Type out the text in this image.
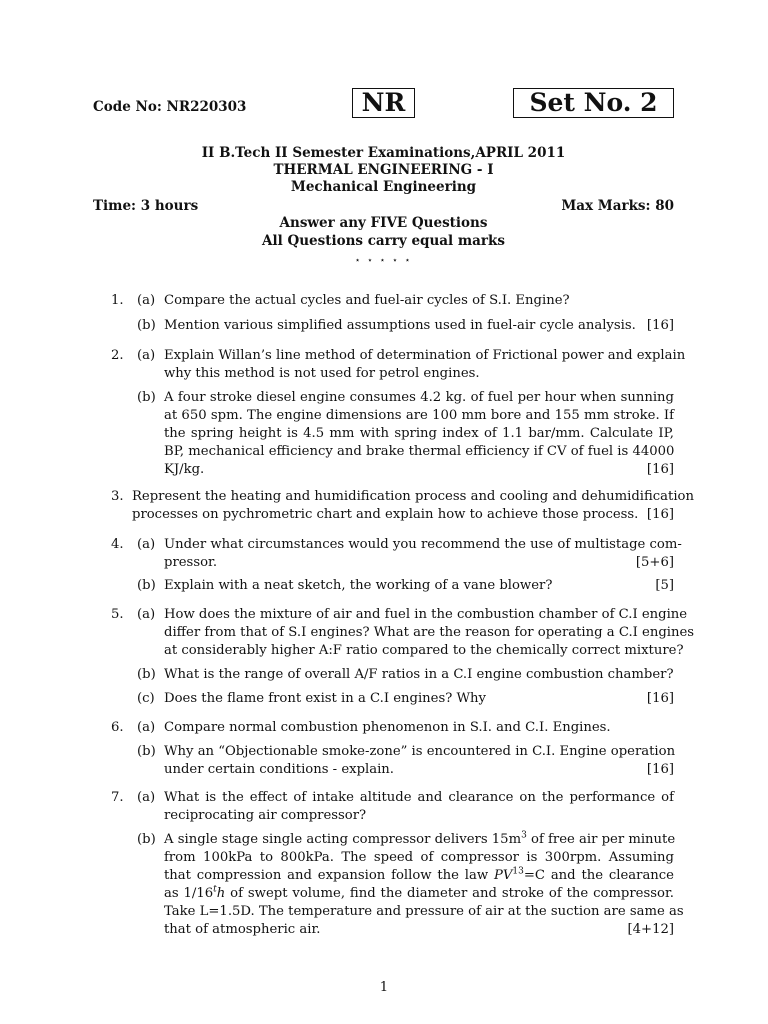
Code No: NR220303	NR	Set No. 2
II B.Tech II Semester Examinations,APRIL 2011
THERMAL ENGINEERING - I
Mechanical Engineering
Time: 3 hours	Max Marks: 80
Answer any FIVE Questions
All Questions carry equal marks
⋆ ⋆ ⋆ ⋆ ⋆
1. (a) Compare the actual cycles and fuel-air cycles of S.I. Engine?
(b) Mention various simplified assumptions used in fuel-air cycle analysis. [16]
2. (a) Explain Willan’s line method of determination of Frictional power and explain
why this method is not used for petrol engines.
(b) A four stroke diesel engine consumes 4.2 kg. of fuel per hour when sunning
at 650 spm. The engine dimensions are 100 mm bore and 155 mm stroke. If
the spring height is 4.5 mm with spring index of 1.1 bar/mm. Calculate IP,
BP, mechanical efficiency and brake thermal efficiency if CV of fuel is 44000
KJ/kg.	[16]
3. Represent the heating and humidification process and cooling and dehumidification
processes on pychrometric chart and explain how to achieve those process. [16]
4. (a) Under what circumstances would you recommend the use of multistage com-
pressor.	[5+6]
(b) Explain with a neat sketch, the working of a vane blower?	[5]
5. (a) How does the mixture of air and fuel in the combustion chamber of C.I engine
differ from that of S.I engines? What are the reason for operating a C.I engines
at considerably higher A:F ratio compared to the chemically correct mixture?
(b) What is the range of overall A/F ratios in a C.I engine combustion chamber?
(c) Does the flame front exist in a C.I engines? Why	[16]
6. (a) Compare normal combustion phenomenon in S.I. and C.I. Engines.
(b) Why an “Objectionable smoke-zone” is encountered in C.I. Engine operation
under certain conditions - explain.	[16]
7. (a) What is the effect of intake altitude and clearance on the performance of
reciprocating air compressor?
(b) A single stage single acting compressor delivers $15m^3$ of free air per minute
from 100kPa to 800kPa. The speed of compressor is 300rpm. Assuming
that compression and expansion follow the law $PV^{13}=C$ and the clearance
as 1/16$^t$h of swept volume, find the diameter and stroke of the compressor.
Take L=1.5D. The temperature and pressure of air at the suction are same as
that of atmospheric air.	[4+12]
1
